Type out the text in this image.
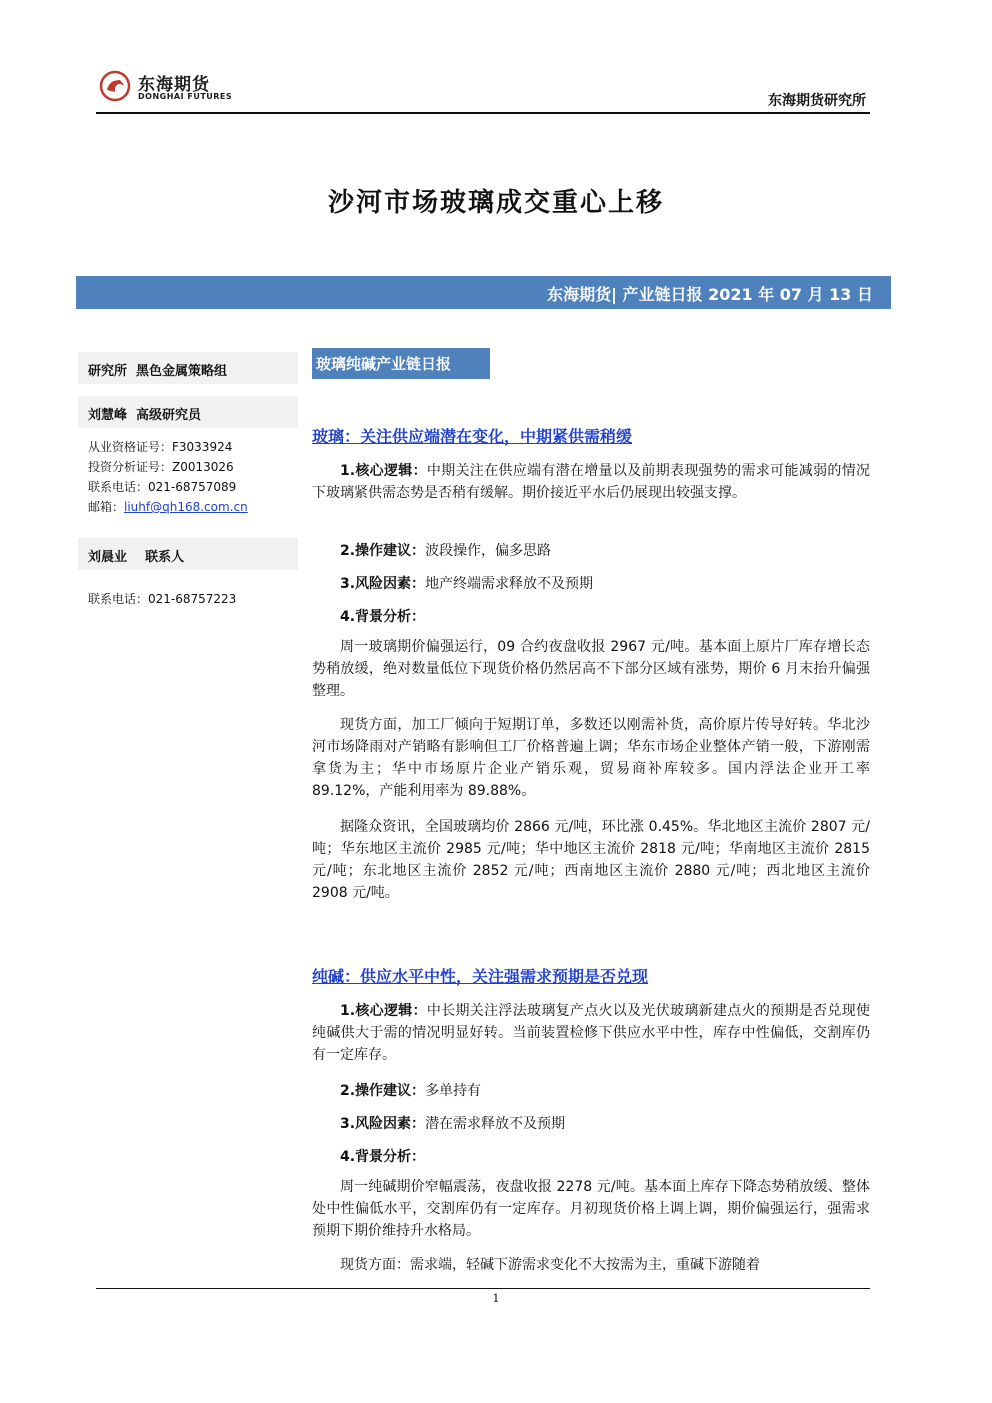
东海期货
DONGHAI FUTURES	东海期货研究所
沙河市场玻璃成交重心上移
东海期货| 产业链日报 2021 年 07 月 13 日
研究所  黑色金属策略组
刘慧峰  高级研究员
从业资格证号：F3033924
投资分析证号：Z0013026
联系电话：021-68757089
邮箱：liuhf@qh168.com.cn
刘晨业    联系人
联系电话：021-68757223
玻璃纯碱产业链日报
玻璃：关注供应端潜在变化，中期紧供需稍缓
1.核心逻辑：中期关注在供应端有潜在增量以及前期表现强势的需求可能减弱的情况下玻璃紧供需态势是否稍有缓解。期价接近平水后仍展现出较强支撑。
2.操作建议：波段操作，偏多思路
3.风险因素：地产终端需求释放不及预期
4.背景分析：
周一玻璃期价偏强运行，09 合约夜盘收报 2967 元/吨。基本面上原片厂库存增长态势稍放缓，绝对数量低位下现货价格仍然居高不下部分区域有涨势，期价 6 月末抬升偏强整理。
现货方面，加工厂倾向于短期订单，多数还以刚需补货，高价原片传导好转。华北沙河市场降雨对产销略有影响但工厂价格普遍上调；华东市场企业整体产销一般，下游刚需拿货为主；华中市场原片企业产销乐观，贸易商补库较多。国内浮法企业开工率 89.12%，产能利用率为 89.88%。
据隆众资讯，全国玻璃均价 2866 元/吨，环比涨 0.45%。华北地区主流价 2807 元/吨；华东地区主流价 2985 元/吨；华中地区主流价 2818 元/吨；华南地区主流价 2815 元/吨；东北地区主流价 2852 元/吨；西南地区主流价 2880 元/吨；西北地区主流价 2908 元/吨。
纯碱：供应水平中性，关注强需求预期是否兑现
1.核心逻辑：中长期关注浮法玻璃复产点火以及光伏玻璃新建点火的预期是否兑现使纯碱供大于需的情况明显好转。当前装置检修下供应水平中性，库存中性偏低，交割库仍有一定库存。
2.操作建议：多单持有
3.风险因素：潜在需求释放不及预期
4.背景分析：
周一纯碱期价窄幅震荡，夜盘收报 2278 元/吨。基本面上库存下降态势稍放缓、整体处中性偏低水平，交割库仍有一定库存。月初现货价格上调上调，期价偏强运行，强需求预期下期价维持升水格局。
现货方面：需求端，轻碱下游需求变化不大按需为主，重碱下游随着
1
